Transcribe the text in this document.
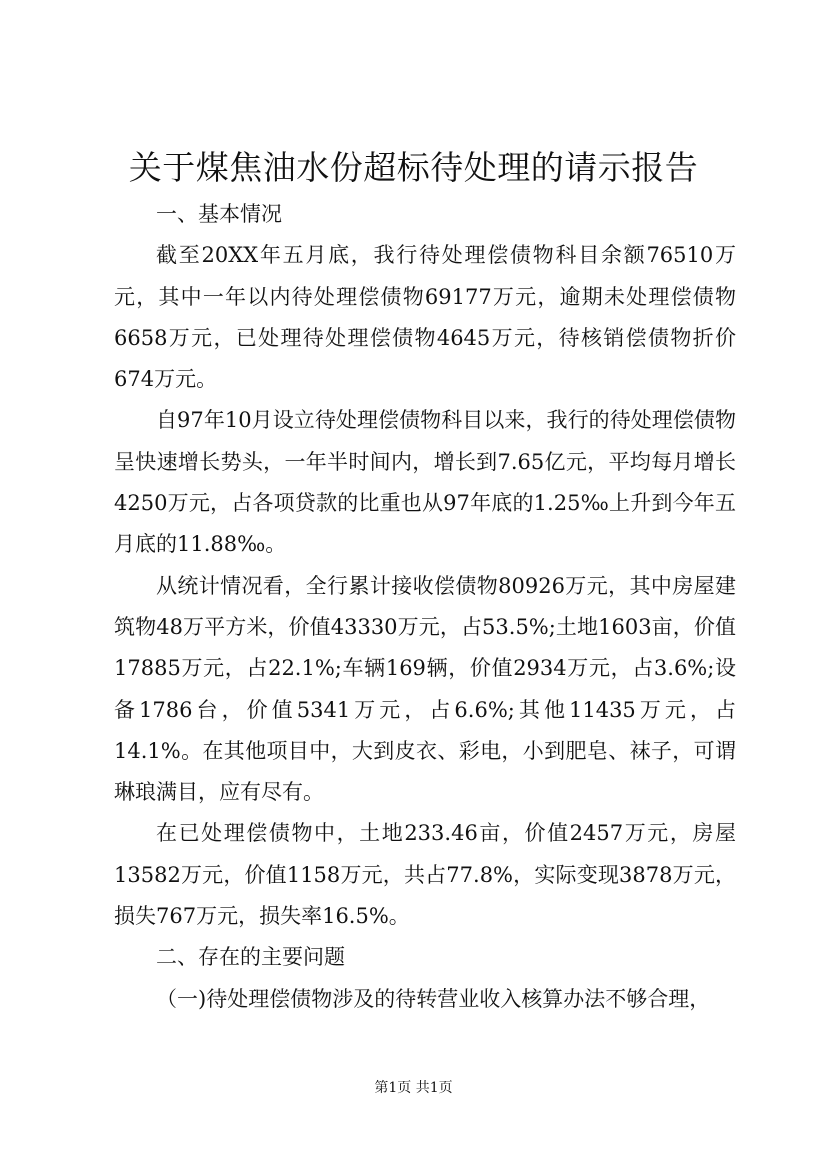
关于煤焦油水份超标待处理的请示报告

一、基本情况

截至20XX年五月底，我行待处理偿债物科目余额76510万元，其中一年以内待处理偿债物69177万元，逾期未处理偿债物6658万元，已处理待处理偿债物4645万元，待核销偿债物折价674万元。

自97年10月设立待处理偿债物科目以来，我行的待处理偿债物呈快速增长势头，一年半时间内，增长到7.65亿元，平均每月增长4250万元，占各项贷款的比重也从97年底的1.25‰上升到今年五月底的11.88‰。

从统计情况看，全行累计接收偿债物80926万元，其中房屋建筑物48万平方米，价值43330万元，占53.5%;土地1603亩，价值17885万元，占22.1%;车辆169辆，价值2934万元，占3.6%;设备1786台，价值5341万元，占6.6%;其他11435万元，占14.1%。在其他项目中，大到皮衣、彩电，小到肥皂、袜子，可谓琳琅满目，应有尽有。

在已处理偿债物中，土地233.46亩，价值2457万元，房屋13582万元，价值1158万元，共占77.8%，实际变现3878万元，损失767万元，损失率16.5%。

二、存在的主要问题

（一)待处理偿债物涉及的待转营业收入核算办法不够合理，

第1页 共1页
